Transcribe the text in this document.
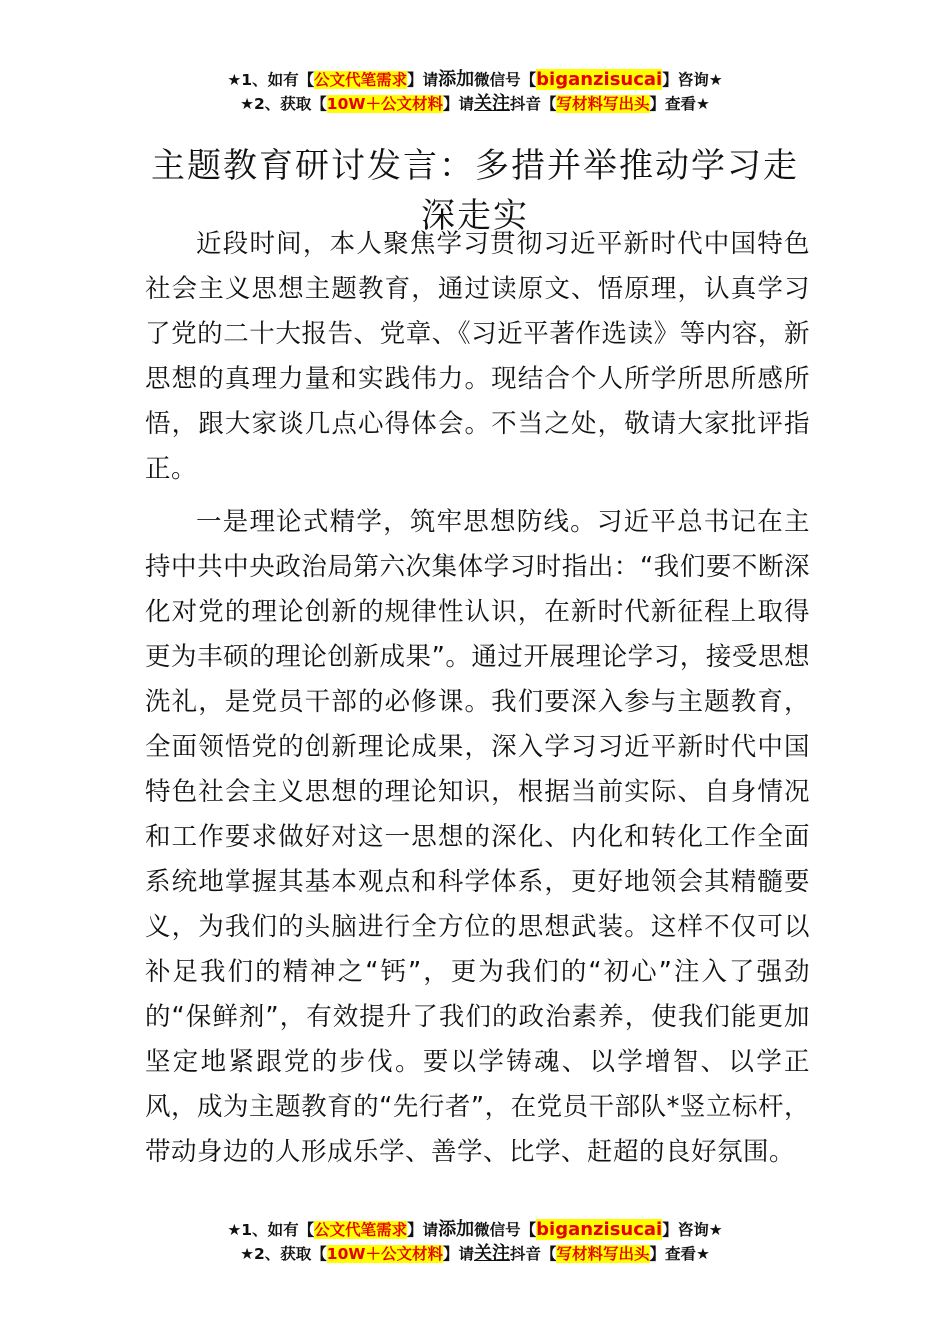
★1、如有【公文代笔需求】请添加微信号【biganzisucai】咨询★
★2、获取【10W＋公文材料】请关注抖音【写材料写出头】查看★
主题教育研讨发言：多措并举推动学习走深走实

近段时间，本人聚焦学习贯彻习近平新时代中国特色社会主义思想主题教育，通过读原文、悟原理，认真学习了党的二十大报告、党章、《习近平著作选读》等内容，新思想的真理力量和实践伟力。现结合个人所学所思所感所悟，跟大家谈几点心得体会。不当之处，敬请大家批评指正。

一是理论式精学，筑牢思想防线。习近平总书记在主持中共中央政治局第六次集体学习时指出：“我们要不断深化对党的理论创新的规律性认识，在新时代新征程上取得更为丰硕的理论创新成果”。通过开展理论学习，接受思想洗礼，是党员干部的必修课。我们要深入参与主题教育，全面领悟党的创新理论成果，深入学习习近平新时代中国特色社会主义思想的理论知识，根据当前实际、自身情况和工作要求做好对这一思想的深化、内化和转化工作全面系统地掌握其基本观点和科学体系，更好地领会其精髓要义，为我们的头脑进行全方位的思想武装。这样不仅可以补足我们的精神之“钙”，更为我们的“初心”注入了强劲的“保鲜剂”，有效提升了我们的政治素养，使我们能更加坚定地紧跟党的步伐。要以学铸魂、以学增智、以学正风，成为主题教育的“先行者”，在党员干部队*竖立标杆，带动身边的人形成乐学、善学、比学、赶超的良好氛围。

★1、如有【公文代笔需求】请添加微信号【biganzisucai】咨询★
★2、获取【10W＋公文材料】请关注抖音【写材料写出头】查看★
